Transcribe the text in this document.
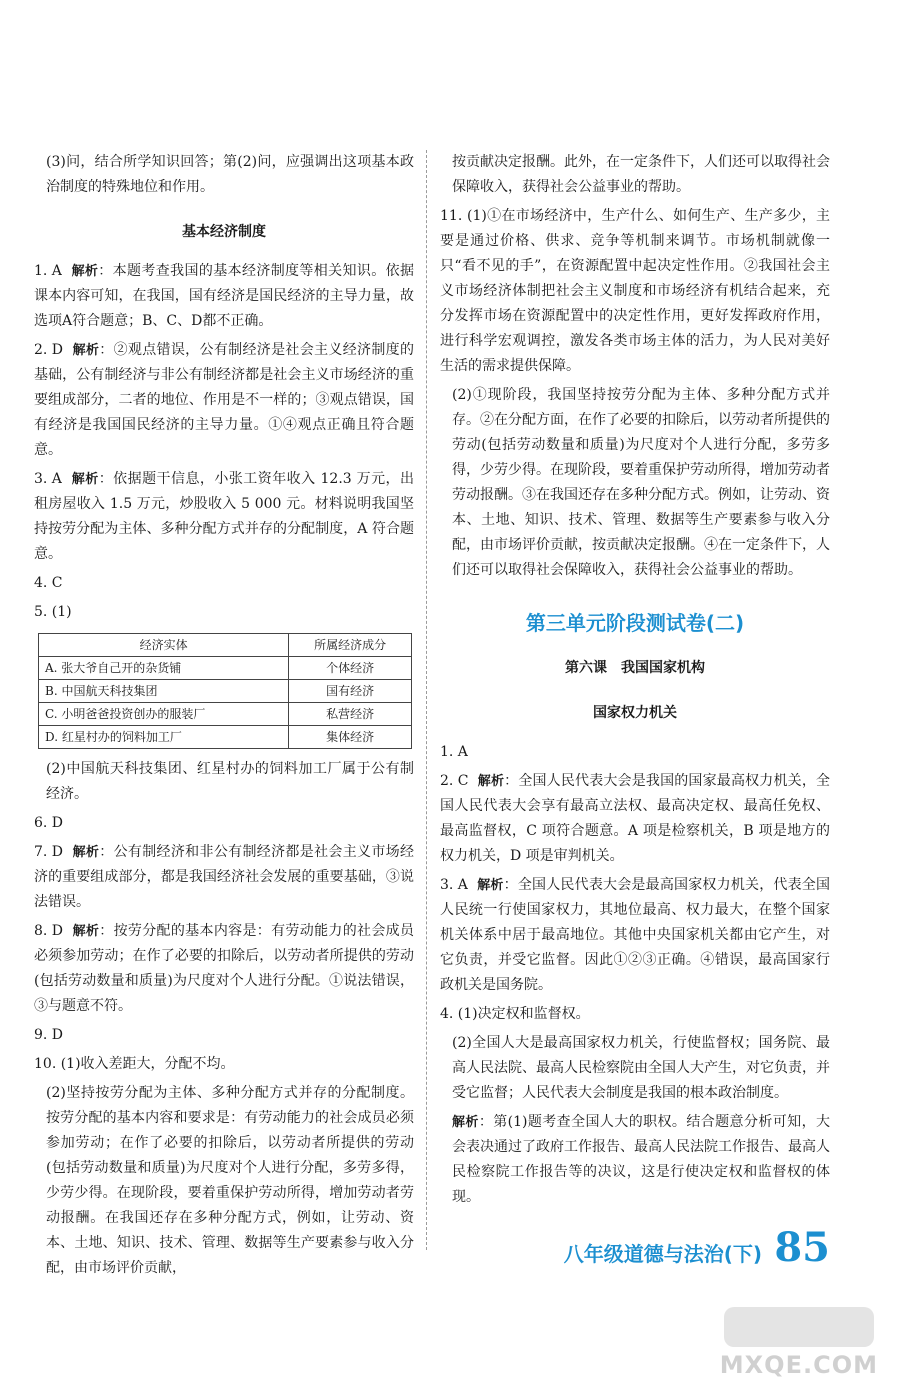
(3)问，结合所学知识回答；第(2)问，应强调出这项基本政治制度的特殊地位和作用。

基本经济制度

1. A 解析：本题考查我国的基本经济制度等相关知识。依据课本内容可知，在我国，国有经济是国民经济的主导力量，故选项A符合题意；B、C、D都不正确。

2. D 解析：②观点错误，公有制经济是社会主义经济制度的基础，公有制经济与非公有制经济都是社会主义市场经济的重要组成部分，二者的地位、作用是不一样的；③观点错误，国有经济是我国国民经济的主导力量。①④观点正确且符合题意。

3. A 解析：依据题干信息，小张工资年收入 12.3 万元，出租房屋收入 1.5 万元，炒股收入 5 000 元。材料说明我国坚持按劳分配为主体、多种分配方式并存的分配制度，A 符合题意。

4. C

5. (1)

经济实体	所属经济成分
A. 张大爷自己开的杂货铺	个体经济
B. 中国航天科技集团	国有经济
C. 小明爸爸投资创办的服装厂	私营经济
D. 红星村办的饲料加工厂	集体经济

(2)中国航天科技集团、红星村办的饲料加工厂属于公有制经济。

6. D

7. D 解析：公有制经济和非公有制经济都是社会主义市场经济的重要组成部分，都是我国经济社会发展的重要基础，③说法错误。

8. D 解析：按劳分配的基本内容是：有劳动能力的社会成员必须参加劳动；在作了必要的扣除后，以劳动者所提供的劳动(包括劳动数量和质量)为尺度对个人进行分配。①说法错误，③与题意不符。

9. D

10. (1)收入差距大，分配不均。

(2)坚持按劳分配为主体、多种分配方式并存的分配制度。按劳分配的基本内容和要求是：有劳动能力的社会成员必须参加劳动；在作了必要的扣除后，以劳动者所提供的劳动(包括劳动数量和质量)为尺度对个人进行分配，多劳多得，少劳少得。在现阶段，要着重保护劳动所得，增加劳动者劳动报酬。在我国还存在多种分配方式，例如，让劳动、资本、土地、知识、技术、管理、数据等生产要素参与收入分配，由市场评价贡献，

按贡献决定报酬。此外，在一定条件下，人们还可以取得社会保障收入，获得社会公益事业的帮助。

11. (1)①在市场经济中，生产什么、如何生产、生产多少，主要是通过价格、供求、竞争等机制来调节。市场机制就像一只“看不见的手”，在资源配置中起决定性作用。②我国社会主义市场经济体制把社会主义制度和市场经济有机结合起来，充分发挥市场在资源配置中的决定性作用，更好发挥政府作用，进行科学宏观调控，激发各类市场主体的活力，为人民对美好生活的需求提供保障。

(2)①现阶段，我国坚持按劳分配为主体、多种分配方式并存。②在分配方面，在作了必要的扣除后，以劳动者所提供的劳动(包括劳动数量和质量)为尺度对个人进行分配，多劳多得，少劳少得。在现阶段，要着重保护劳动所得，增加劳动者劳动报酬。③在我国还存在多种分配方式。例如，让劳动、资本、土地、知识、技术、管理、数据等生产要素参与收入分配，由市场评价贡献，按贡献决定报酬。④在一定条件下，人们还可以取得社会保障收入，获得社会公益事业的帮助。

第三单元阶段测试卷(二)
第六课　我国国家机构
国家权力机关

1. A

2. C 解析：全国人民代表大会是我国的国家最高权力机关，全国人民代表大会享有最高立法权、最高决定权、最高任免权、最高监督权，C 项符合题意。A 项是检察机关，B 项是地方的权力机关，D 项是审判机关。

3. A 解析：全国人民代表大会是最高国家权力机关，代表全国人民统一行使国家权力，其地位最高、权力最大，在整个国家机关体系中居于最高地位。其他中央国家机关都由它产生，对它负责，并受它监督。因此①②③正确。④错误，最高国家行政机关是国务院。

4. (1)决定权和监督权。

(2)全国人大是最高国家权力机关，行使监督权；国务院、最高人民法院、最高人民检察院由全国人大产生，对它负责，并受它监督；人民代表大会制度是我国的根本政治制度。

解析：第(1)题考查全国人大的职权。结合题意分析可知，大会表决通过了政府工作报告、最高人民法院工作报告、最高人民检察院工作报告等的决议，这是行使决定权和监督权的体现。

八年级道德与法治(下) 85
MXQE.COM
